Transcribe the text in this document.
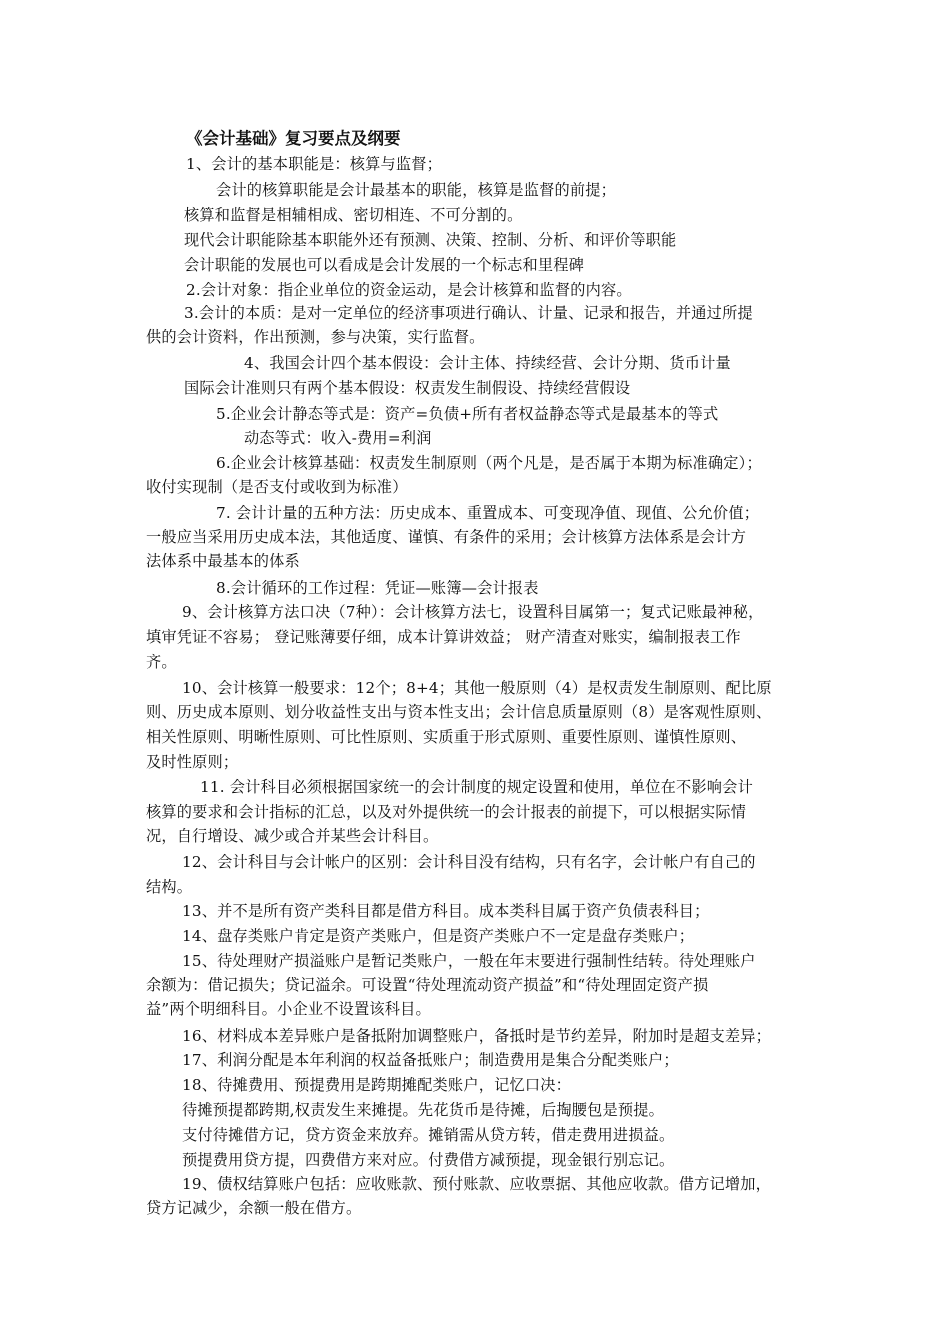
《会计基础》复习要点及纲要
1、会计的基本职能是：核算与监督；
会计的核算职能是会计最基本的职能，核算是监督的前提；
核算和监督是相辅相成、密切相连、不可分割的。
现代会计职能除基本职能外还有预测、决策、控制、分析、和评价等职能
会计职能的发展也可以看成是会计发展的一个标志和里程碑
2.会计对象：指企业单位的资金运动，是会计核算和监督的内容。
3.会计的本质：是对一定单位的经济事项进行确认、计量、记录和报告，并通过所提
供的会计资料，作出预测，参与决策，实行监督。
4、我国会计四个基本假设：会计主体、持续经营、会计分期、货币计量
国际会计准则只有两个基本假设：权责发生制假设、持续经营假设
5.企业会计静态等式是：资产=负债+所有者权益静态等式是最基本的等式
动态等式：收入-费用=利润
6.企业会计核算基础：权责发生制原则（两个凡是，是否属于本期为标准确定）；
收付实现制（是否支付或收到为标准）
7. 会计计量的五种方法：历史成本、重置成本、可变现净值、现值、公允价值；
一般应当采用历史成本法，其他适度、谨慎、有条件的采用；会计核算方法体系是会计方
法体系中最基本的体系
8.会计循环的工作过程：凭证—账簿—会计报表
9、会计核算方法口决（7种）：会计核算方法七，设置科目属第一；复式记账最神秘，
填审凭证不容易； 登记账薄要仔细，成本计算讲效益； 财产清查对账实，编制报表工作
齐。
10、会计核算一般要求：12个；8+4；其他一般原则（4）是权责发生制原则、配比原
则、历史成本原则、划分收益性支出与资本性支出；会计信息质量原则（8）是客观性原则、
相关性原则、明晰性原则、可比性原则、实质重于形式原则、重要性原则、谨慎性原则、
及时性原则；
11. 会计科目必须根据国家统一的会计制度的规定设置和使用，单位在不影响会计
核算的要求和会计指标的汇总，以及对外提供统一的会计报表的前提下，可以根据实际情
况，自行增设、减少或合并某些会计科目。
12、会计科目与会计帐户的区别：会计科目没有结构，只有名字，会计帐户有自己的
结构。
13、并不是所有资产类科目都是借方科目。成本类科目属于资产负债表科目；
14、盘存类账户肯定是资产类账户，但是资产类账户不一定是盘存类账户；
15、待处理财产损溢账户是暂记类账户，一般在年末要进行强制性结转。待处理账户
余额为：借记损失；贷记溢余。可设置“待处理流动资产损益”和“待处理固定资产损
益”两个明细科目。小企业不设置该科目。
16、材料成本差异账户是备抵附加调整账户，备抵时是节约差异，附加时是超支差异；
17、利润分配是本年利润的权益备抵账户；制造费用是集合分配类账户；
18、待摊费用、预提费用是跨期摊配类账户，记忆口决：
待摊预提都跨期,权责发生来摊提。先花货币是待摊，后掏腰包是预提。
支付待摊借方记，贷方资金来放弃。摊销需从贷方转，借走费用进损益。
预提费用贷方提，四费借方来对应。付费借方减预提，现金银行别忘记。
19、债权结算账户包括：应收账款、预付账款、应收票据、其他应收款。借方记增加，
贷方记减少，余额一般在借方。
